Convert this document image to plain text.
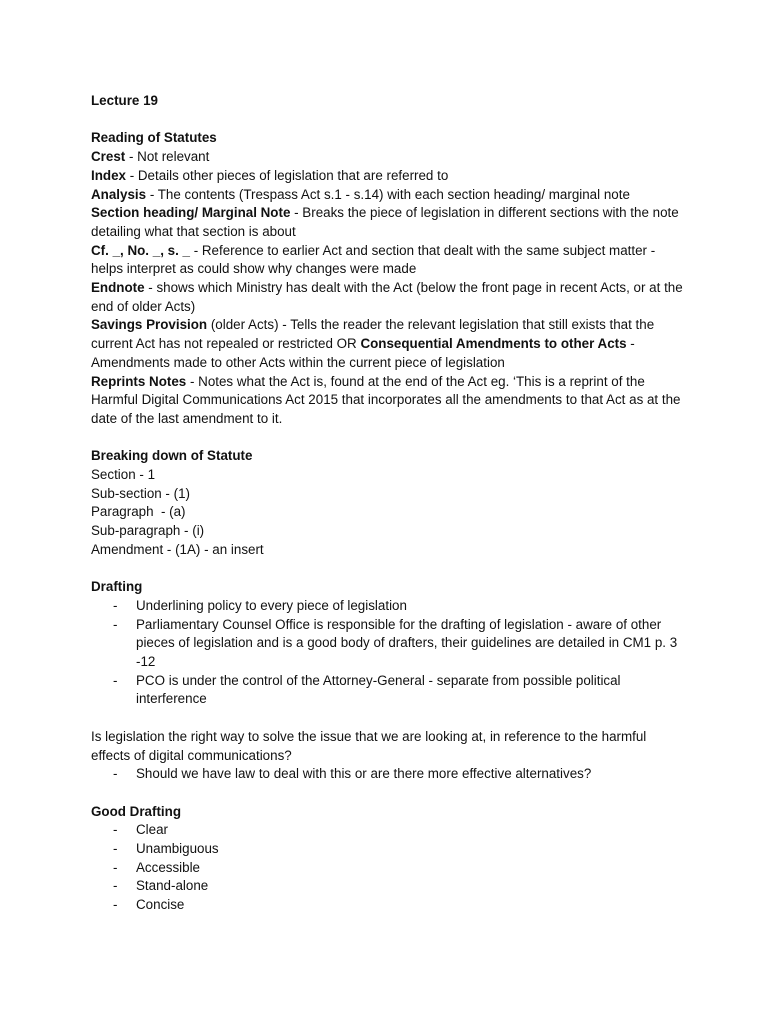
Lecture 19

Reading of Statutes

Crest - Not relevant

Index - Details other pieces of legislation that are referred to

Analysis - The contents (Trespass Act s.1 - s.14) with each section heading/ marginal note

Section heading/ Marginal Note - Breaks the piece of legislation in different sections with the note detailing what that section is about

Cf. _, No. _, s. _ - Reference to earlier Act and section that dealt with the same subject matter - helps interpret as could show why changes were made

Endnote - shows which Ministry has dealt with the Act (below the front page in recent Acts, or at the end of older Acts)

Savings Provision (older Acts) - Tells the reader the relevant legislation that still exists that the current Act has not repealed or restricted OR Consequential Amendments to other Acts - Amendments made to other Acts within the current piece of legislation

Reprints Notes - Notes what the Act is, found at the end of the Act eg. ‘This is a reprint of the Harmful Digital Communications Act 2015 that incorporates all the amendments to that Act as at the date of the last amendment to it.

Breaking down of Statute

Section - 1

Sub-section - (1)

Paragraph  - (a)

Sub-paragraph - (i)

Amendment - (1A) - an insert

Drafting

- Underlining policy to every piece of legislation
- Parliamentary Counsel Office is responsible for the drafting of legislation - aware of other pieces of legislation and is a good body of drafters, their guidelines are detailed in CM1 p. 3 -12
- PCO is under the control of the Attorney-General - separate from possible political interference

Is legislation the right way to solve the issue that we are looking at, in reference to the harmful effects of digital communications?

- Should we have law to deal with this or are there more effective alternatives?

Good Drafting

- Clear
- Unambiguous
- Accessible
- Stand-alone
- Concise
